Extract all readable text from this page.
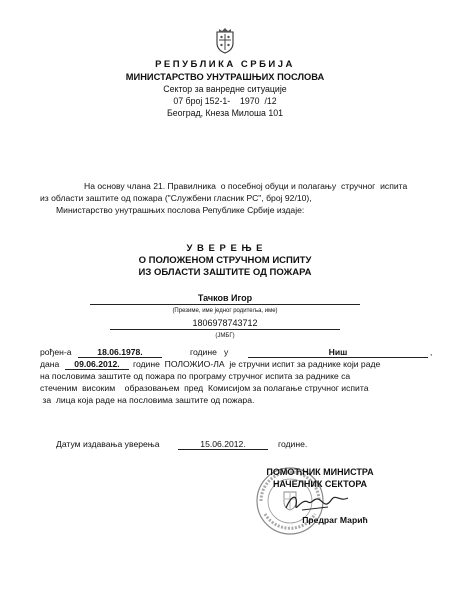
РЕПУБЛИКА СРБИЈА
МИНИСТАРСТВО УНУТРАШЊИХ ПОСЛОВА
Сектор за ванредне ситуације
07 број 152-1-    1970  /12
Београд, Кнеза Милоша 101
На основу члана 21. Правилника  о посебној обуци и полагању  стручног  испита
из области заштите од пожара ("Службени гласник РС", број 92/10),
Министарство унутрашњих послова Републике Србије издаје:
У В Е Р Е Њ Е
О ПОЛОЖЕНОМ СТРУЧНОМ ИСПИТУ
ИЗ ОБЛАСТИ ЗАШТИТЕ ОД ПОЖАРА
Тачков Игор
(Презиме, име једног родитеља, име)
1806978743712
(ЈМБГ)
рођен-а	18.06.1978.	године   у	Ниш	,
дана	09.06.2012.	године  ПОЛОЖИО-ЛА  је стручни испит за раднике који раде
на пословима заштите од пожара по програму стручног испита за раднике са
стеченим  високим    образовањем  пред  Комисијом за полагање стручног испита
за  лица која раде на пословима заштите од пожара.
Датум издавања уверења	15.06.2012.	године.
ПОМОЋНИК МИНИСТРА
НАЧЕЛНИК СЕКТОРА
Предраг Марић
